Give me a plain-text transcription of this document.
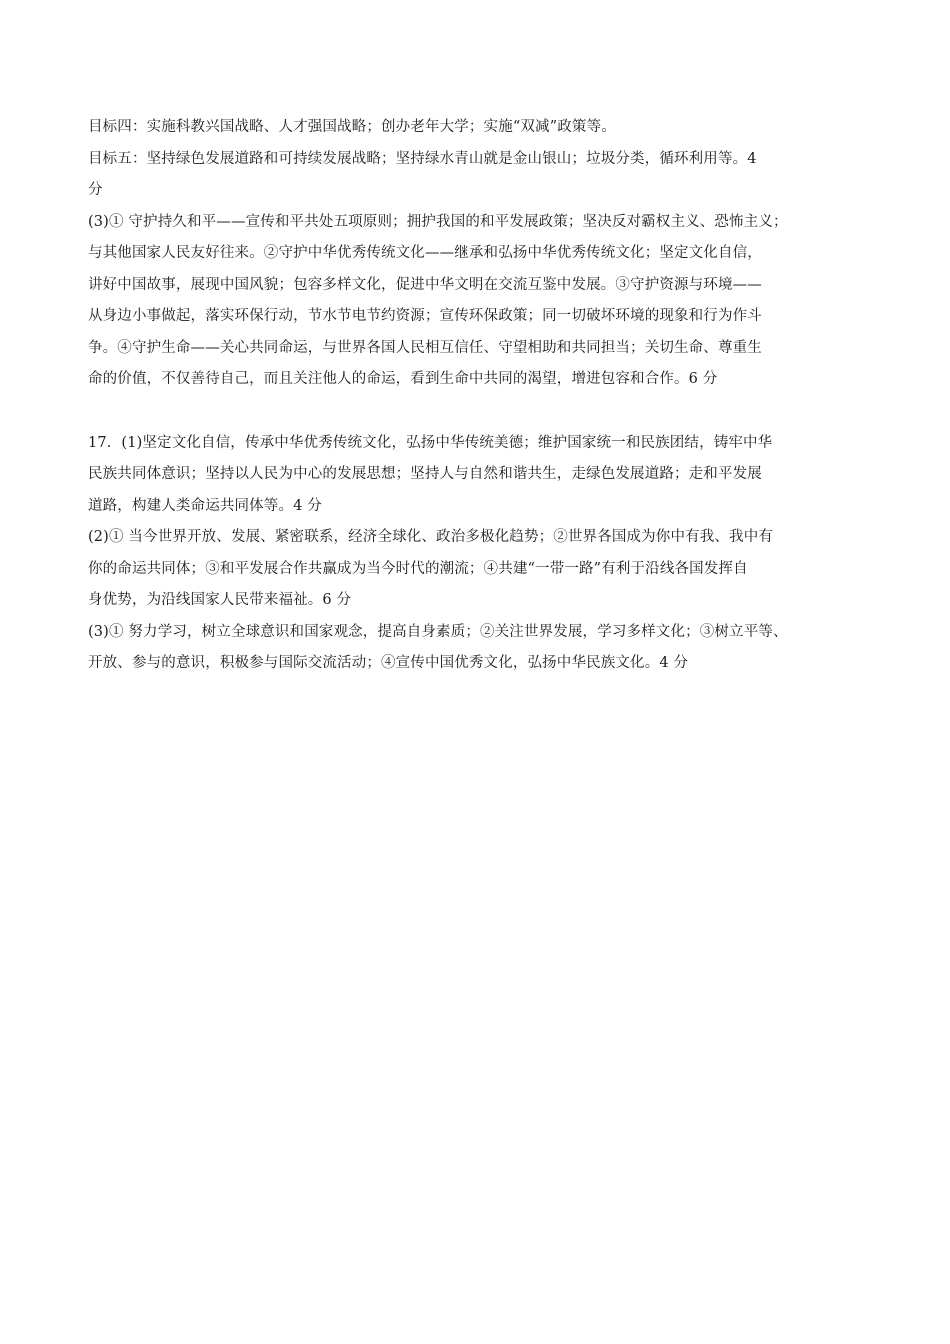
目标四：实施科教兴国战略、人才强国战略；创办老年大学；实施“双减”政策等。
目标五：坚持绿色发展道路和可持续发展战略；坚持绿水青山就是金山银山；垃圾分类，循环利用等。4
分
(3)① 守护持久和平——宣传和平共处五项原则；拥护我国的和平发展政策；坚决反对霸权主义、恐怖主义；
与其他国家人民友好往来。②守护中华优秀传统文化——继承和弘扬中华优秀传统文化；坚定文化自信，
讲好中国故事，展现中国风貌；包容多样文化，促进中华文明在交流互鉴中发展。③守护资源与环境——
从身边小事做起，落实环保行动，节水节电节约资源；宣传环保政策；同一切破坏环境的现象和行为作斗
争。④守护生命——关心共同命运，与世界各国人民相互信任、守望相助和共同担当；关切生命、尊重生
命的价值，不仅善待自己，而且关注他人的命运，看到生命中共同的渴望，增进包容和合作。6 分
17．(1)坚定文化自信，传承中华优秀传统文化，弘扬中华传统美德；维护国家统一和民族团结，铸牢中华
民族共同体意识；坚持以人民为中心的发展思想；坚持人与自然和谐共生，走绿色发展道路；走和平发展
道路，构建人类命运共同体等。4 分
(2)① 当今世界开放、发展、紧密联系，经济全球化、政治多极化趋势；②世界各国成为你中有我、我中有
你的命运共同体；③和平发展合作共赢成为当今时代的潮流；④共建“一带一路”有利于沿线各国发挥自
身优势，为沿线国家人民带来福祉。6 分
(3)① 努力学习，树立全球意识和国家观念，提高自身素质；②关注世界发展，学习多样文化；③树立平等、
开放、参与的意识，积极参与国际交流活动；④宣传中国优秀文化，弘扬中华民族文化。4 分
